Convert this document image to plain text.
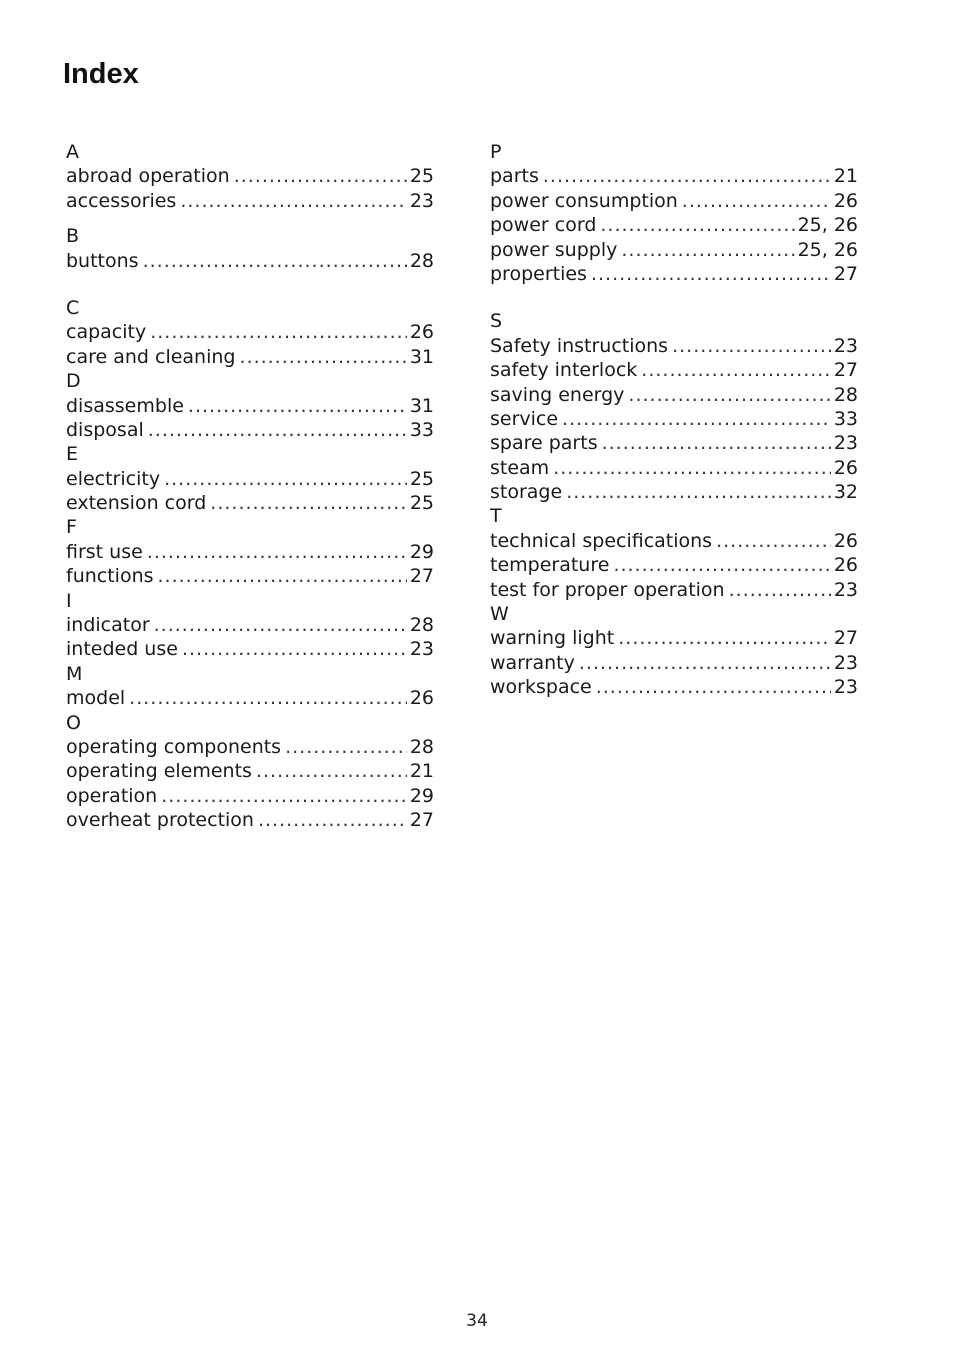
Index
A
abroad operation .....	25
accessories .....	23
B
buttons .....	28
C
capacity .....	26
care and cleaning .....	31
D
disassemble .....	31
disposal .....	33
E
electricity .....	25
extension cord .....	25
F
first use .....	29
functions .....	27
I
indicator .....	28
inteded use .....	23
M
model .....	26
O
operating components .....	28
operating elements .....	21
operation .....	29
overheat protection .....	27
P
parts .....	21
power consumption .....	26
power cord .....	25, 26
power supply .....	25, 26
properties .....	27
S
Safety instructions .....	23
safety interlock .....	27
saving energy .....	28
service .....	33
spare parts .....	23
steam .....	26
storage .....	32
T
technical specifications .....	26
temperature .....	26
test for proper operation .....	23
W
warning light .....	27
warranty .....	23
workspace .....	23
34
